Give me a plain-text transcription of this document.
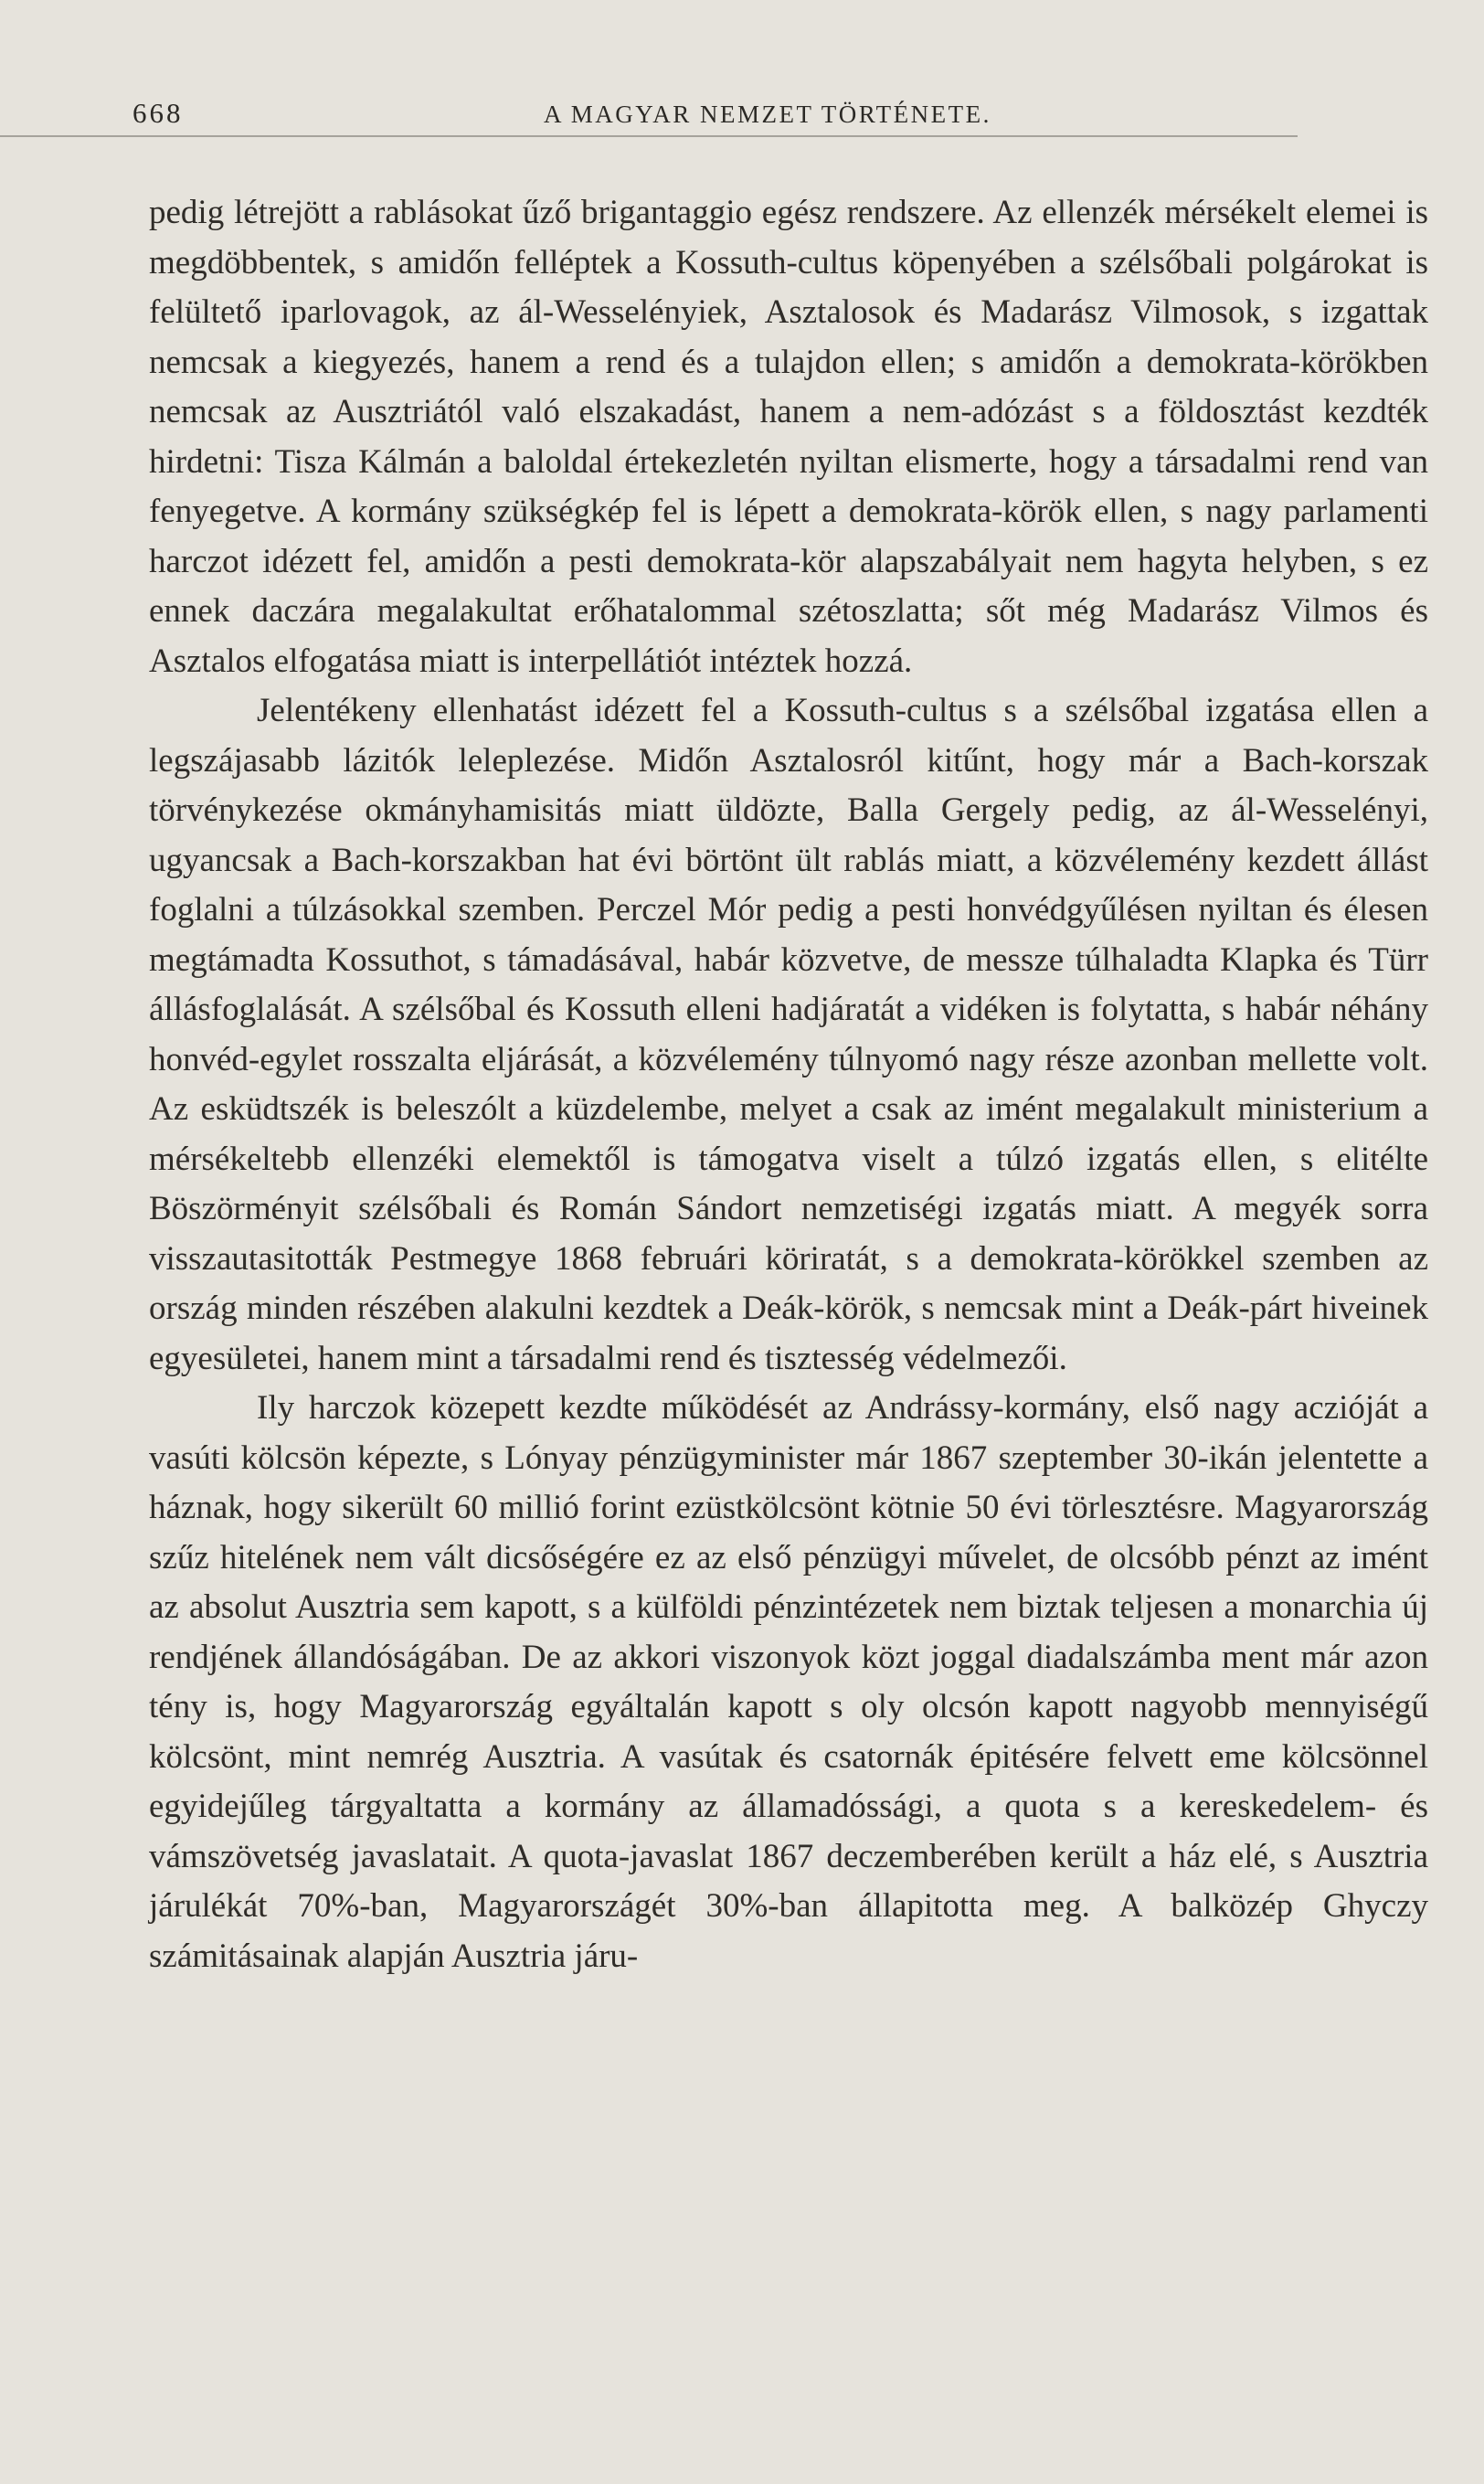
668	A MAGYAR NEMZET TÖRTÉNETE.

pedig létrejött a rablásokat űző brigantaggio egész rendszere. Az ellenzék mérsékelt elemei is megdöbbentek, s amidőn felléptek a Kossuth-cultus köpenyében a szélsőbali polgárokat is felültető iparlovagok, az ál-Wesselényiek, Asztalosok és Madarász Vilmosok, s izgattak nemcsak a kiegyezés, hanem a rend és a tulajdon ellen; s amidőn a demokrata-körökben nemcsak az Ausztriától való elszakadást, hanem a nem-adózást s a földosztást kezdték hirdetni: Tisza Kálmán a baloldal értekezletén nyiltan elismerte, hogy a társadalmi rend van fenyegetve. A kormány szükségkép fel is lépett a demokrata-körök ellen, s nagy parlamenti harczot idézett fel, amidőn a pesti demokrata-kör alapszabályait nem hagyta helyben, s ez ennek daczára megalakultat erőhatalommal szétoszlatta; sőt még Madarász Vilmos és Asztalos elfogatása miatt is interpellátiót intéztek hozzá.

Jelentékeny ellenhatást idézett fel a Kossuth-cultus s a szélsőbal izgatása ellen a legszájasabb lázitók leleplezése. Midőn Asztalosról kitűnt, hogy már a Bach-korszak törvénykezése okmányhamisitás miatt üldözte, Balla Gergely pedig, az ál-Wesselényi, ugyancsak a Bach-korszakban hat évi börtönt ült rablás miatt, a közvélemény kezdett állást foglalni a túlzásokkal szemben. Perczel Mór pedig a pesti honvédgyűlésen nyiltan és élesen megtámadta Kossuthot, s támadásával, habár közvetve, de messze túlhaladta Klapka és Türr állásfoglalását. A szélsőbal és Kossuth elleni hadjáratát a vidéken is folytatta, s habár néhány honvéd-egylet rosszalta eljárását, a közvélemény túlnyomó nagy része azonban mellette volt. Az esküdtszék is beleszólt a küzdelembe, melyet a csak az imént megalakult ministerium a mérsékeltebb ellenzéki elemektől is támogatva viselt a túlzó izgatás ellen, s elitélte Böszörményit szélsőbali és Román Sándort nemzetiségi izgatás miatt. A megyék sorra visszautasitották Pestmegye 1868 februári köriratát, s a demokrata-körökkel szemben az ország minden részében alakulni kezdtek a Deák-körök, s nemcsak mint a Deák-párt hiveinek egyesületei, hanem mint a társadalmi rend és tisztesség védelmezői.

Ily harczok közepett kezdte működését az Andrássy-kormány, első nagy aczióját a vasúti kölcsön képezte, s Lónyay pénzügyminister már 1867 szeptember 30-ikán jelentette a háznak, hogy sikerült 60 millió forint ezüstkölcsönt kötnie 50 évi törlesztésre. Magyarország szűz hitelének nem vált dicsőségére ez az első pénzügyi művelet, de olcsóbb pénzt az imént az absolut Ausztria sem kapott, s a külföldi pénzintézetek nem biztak teljesen a monarchia új rendjének állandóságában. De az akkori viszonyok közt joggal diadalszámba ment már azon tény is, hogy Magyarország egyáltalán kapott s oly olcsón kapott nagyobb mennyiségű kölcsönt, mint nemrég Ausztria. A vasútak és csatornák épitésére felvett eme kölcsönnel egyidejűleg tárgyaltatta a kormány az államadóssági, a quota s a kereskedelem- és vámszövetség javaslatait. A quota-javaslat 1867 deczemberében került a ház elé, s Ausztria járulékát 70%-ban, Magyarországét 30%-ban állapitotta meg. A balközép Ghyczy számitásainak alapján Ausztria járu-
